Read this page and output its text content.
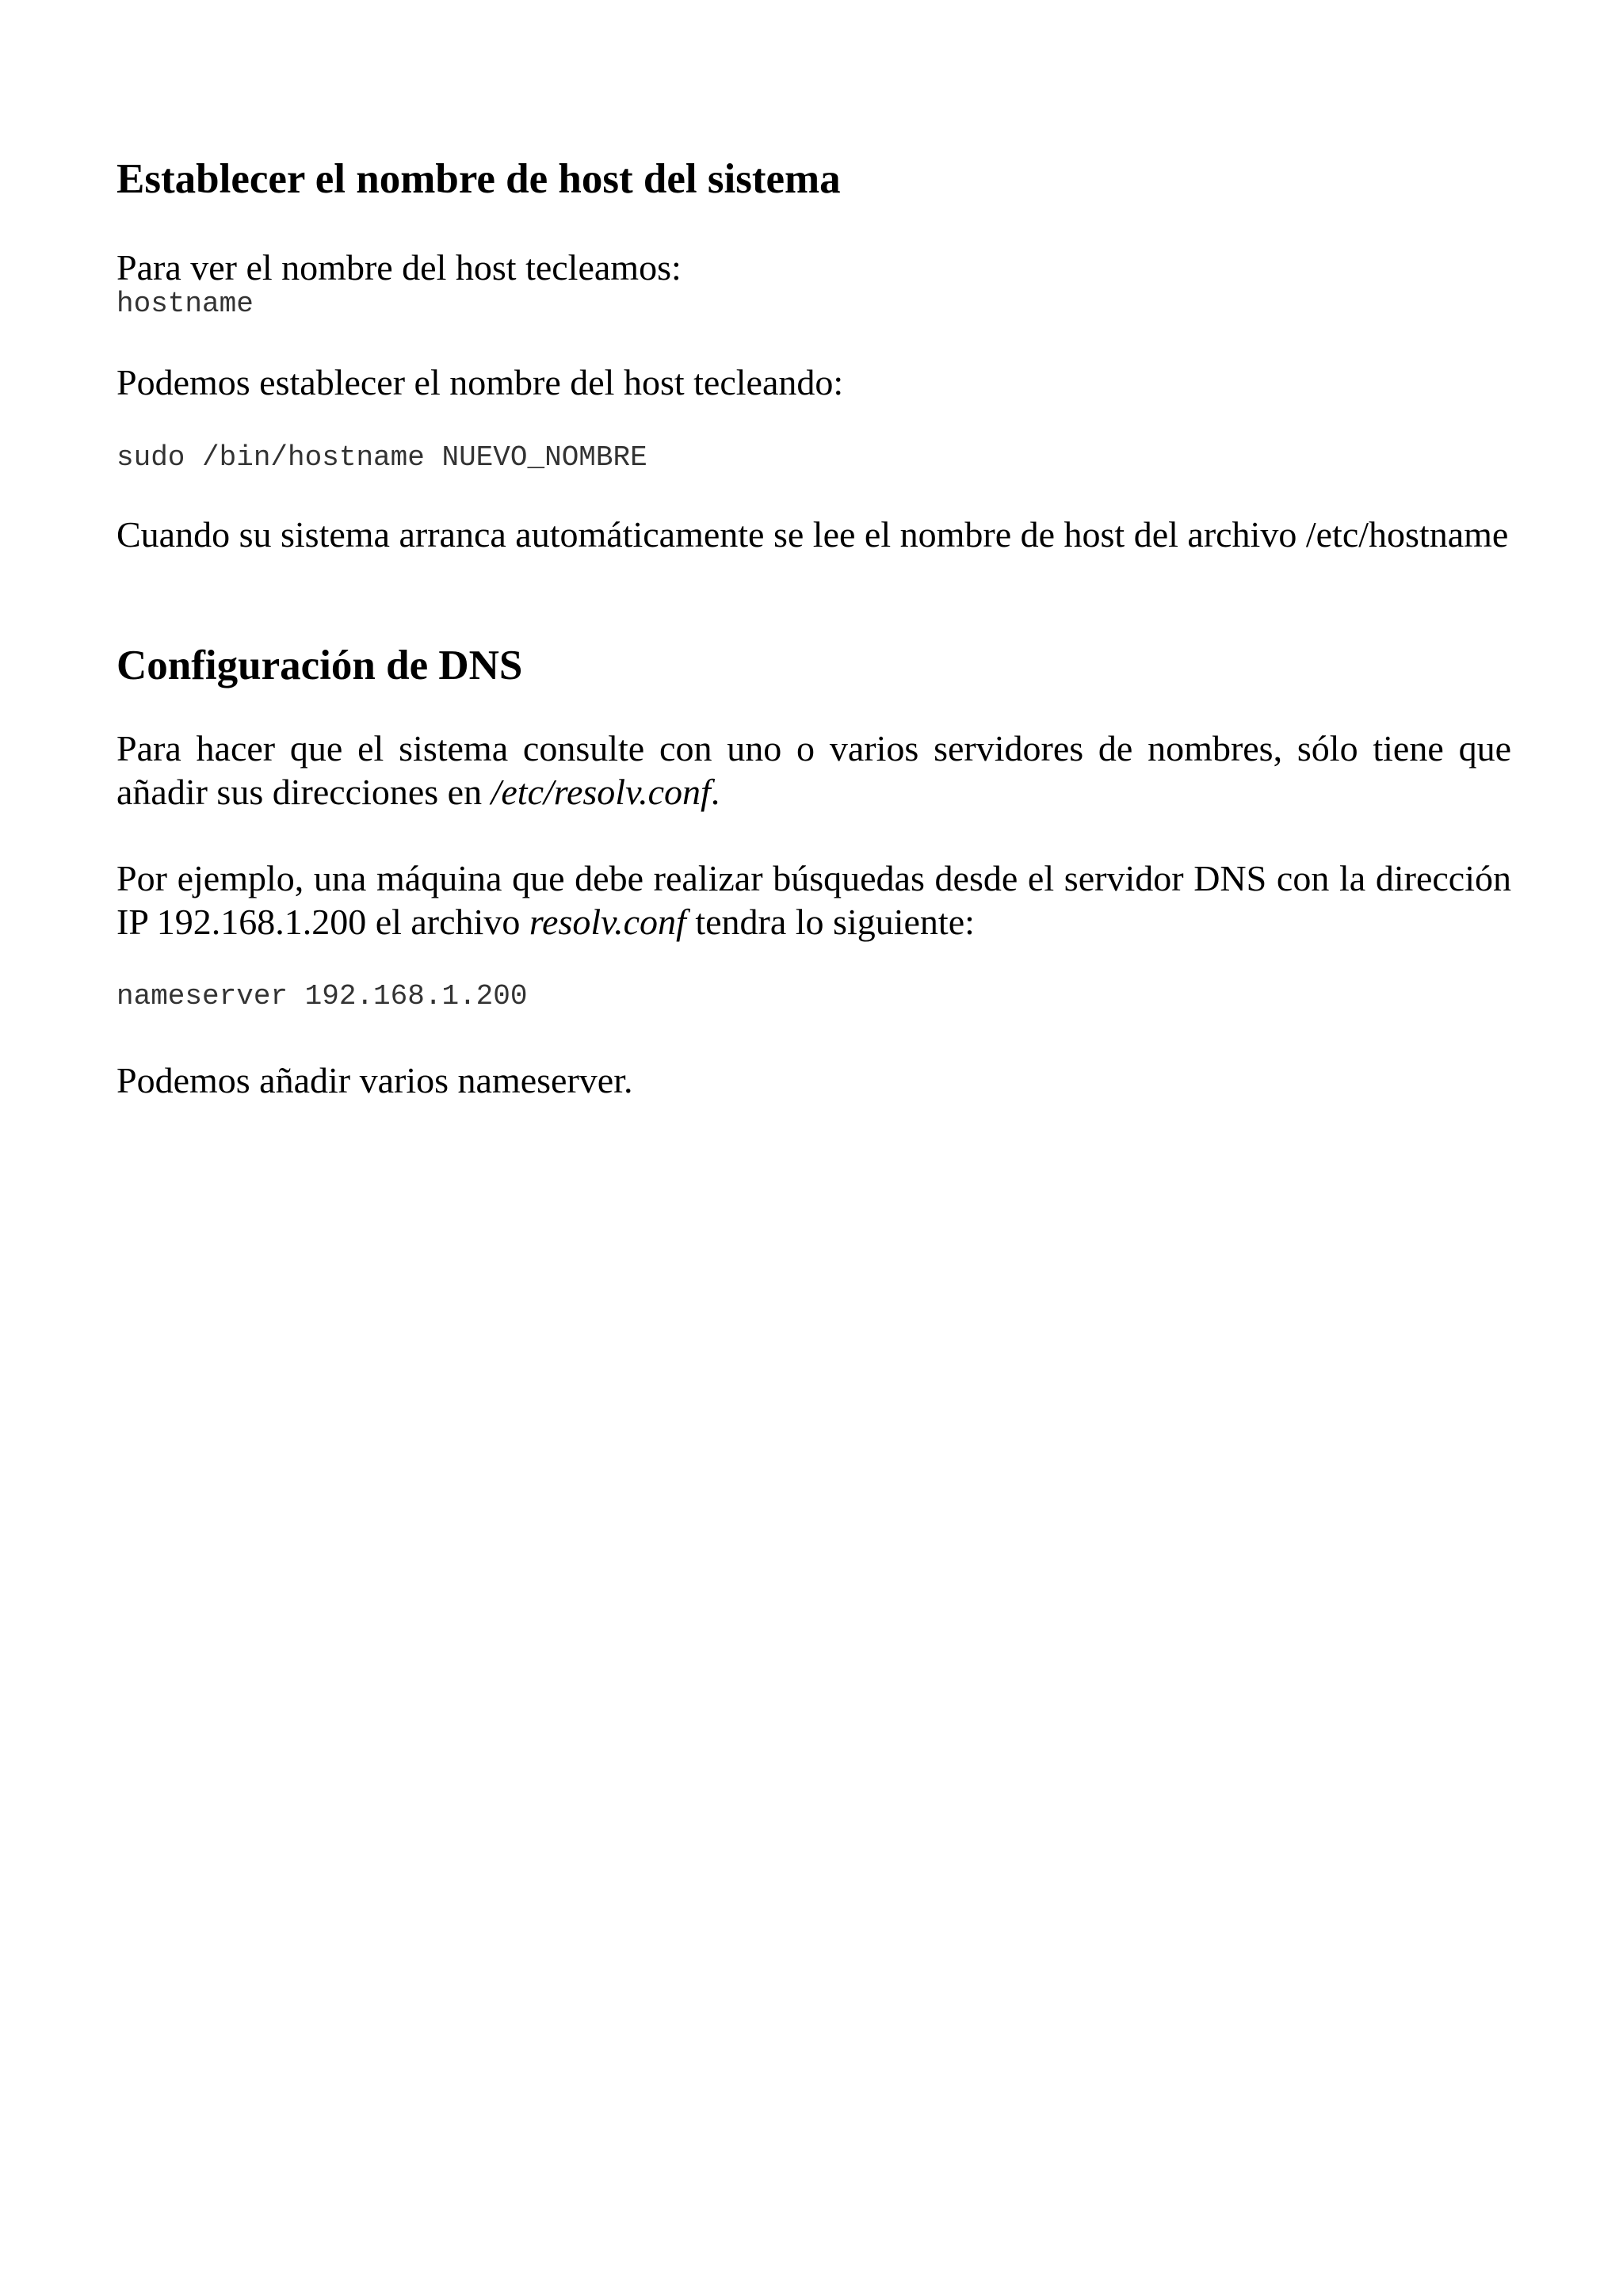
Establecer el nombre de host del sistema

Para ver el nombre del host tecleamos:

hostname

Podemos establecer el nombre del host tecleando:

sudo /bin/hostname NUEVO_NOMBRE

Cuando su sistema arranca automáticamente se lee el nombre de host del archivo /etc/hostname

Configuración de DNS

Para hacer que el sistema consulte con uno o varios servidores de nombres, sólo tiene que añadir sus direcciones en /etc/resolv.conf.

Por ejemplo, una máquina que debe realizar búsquedas desde el servidor DNS con la dirección IP 192.168.1.200 el archivo resolv.conf tendra lo siguiente:

nameserver 192.168.1.200

Podemos añadir varios nameserver.
